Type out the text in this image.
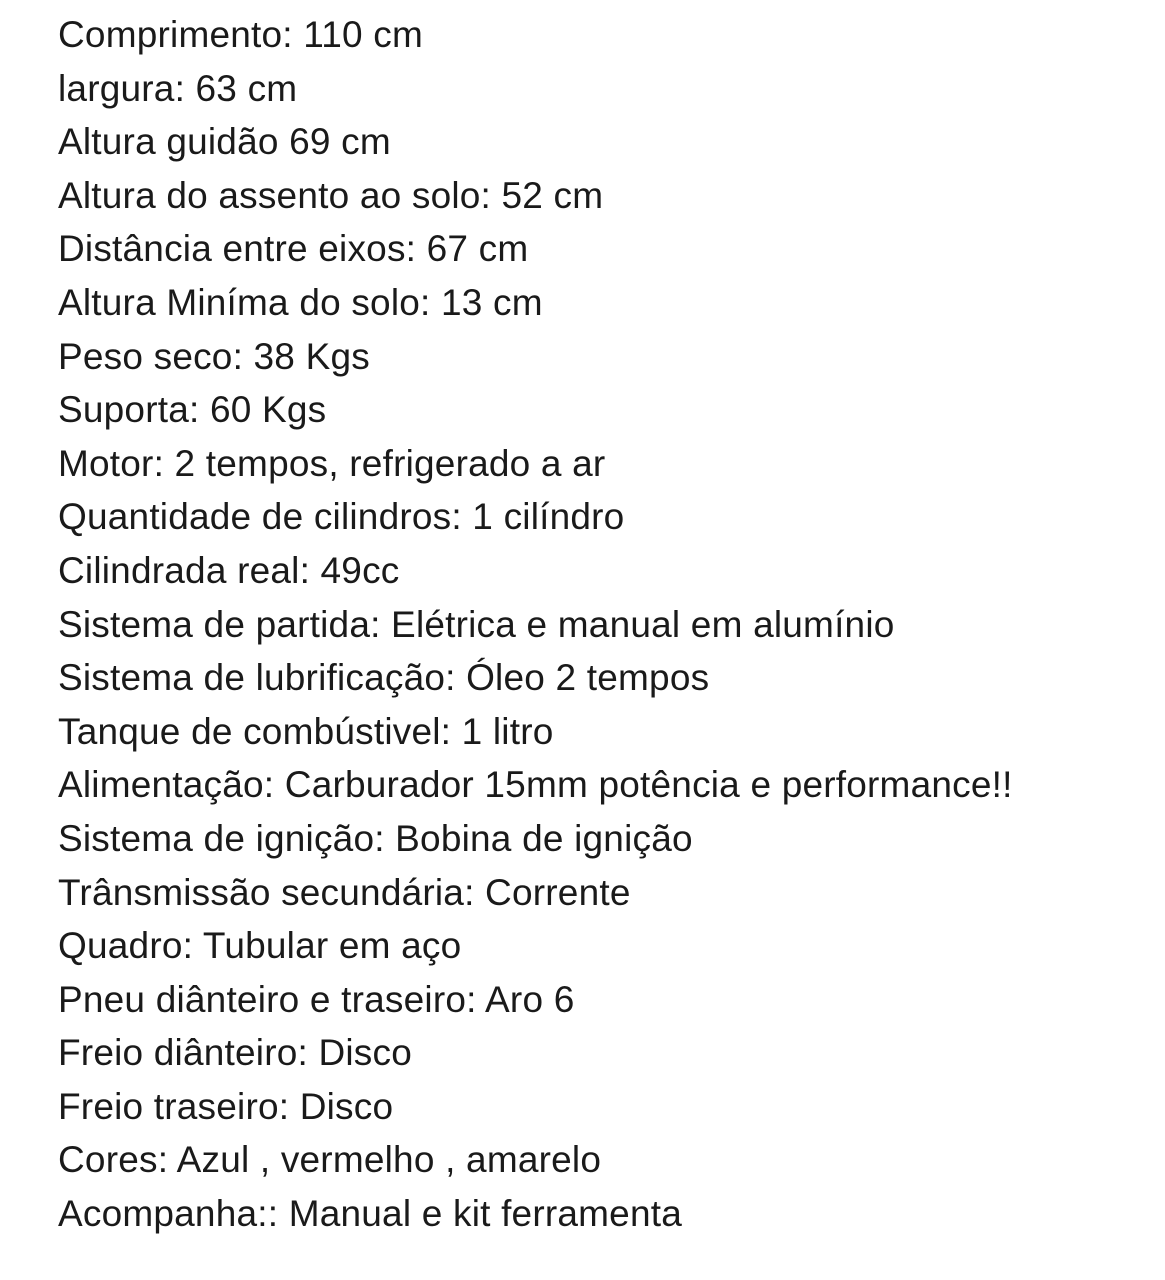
Comprimento: 110 cm
largura: 63 cm
Altura guidão 69 cm
Altura do assento ao solo: 52 cm
Distância entre eixos: 67 cm
Altura Miníma do solo: 13 cm
Peso seco: 38 Kgs
Suporta: 60 Kgs
Motor: 2 tempos, refrigerado a ar
Quantidade de cilindros: 1 cilíndro
Cilindrada real: 49cc
Sistema de partida: Elétrica e manual em alumínio
Sistema de lubrificação: Óleo 2 tempos
Tanque de combústivel: 1 litro
Alimentação: Carburador 15mm potência e performance!!
Sistema de ignição: Bobina de ignição
Trânsmissão secundária: Corrente
Quadro: Tubular em aço
Pneu diânteiro e traseiro: Aro 6
Freio diânteiro: Disco
Freio traseiro: Disco
Cores: Azul , vermelho , amarelo
Acompanha:: Manual e kit ferramenta
